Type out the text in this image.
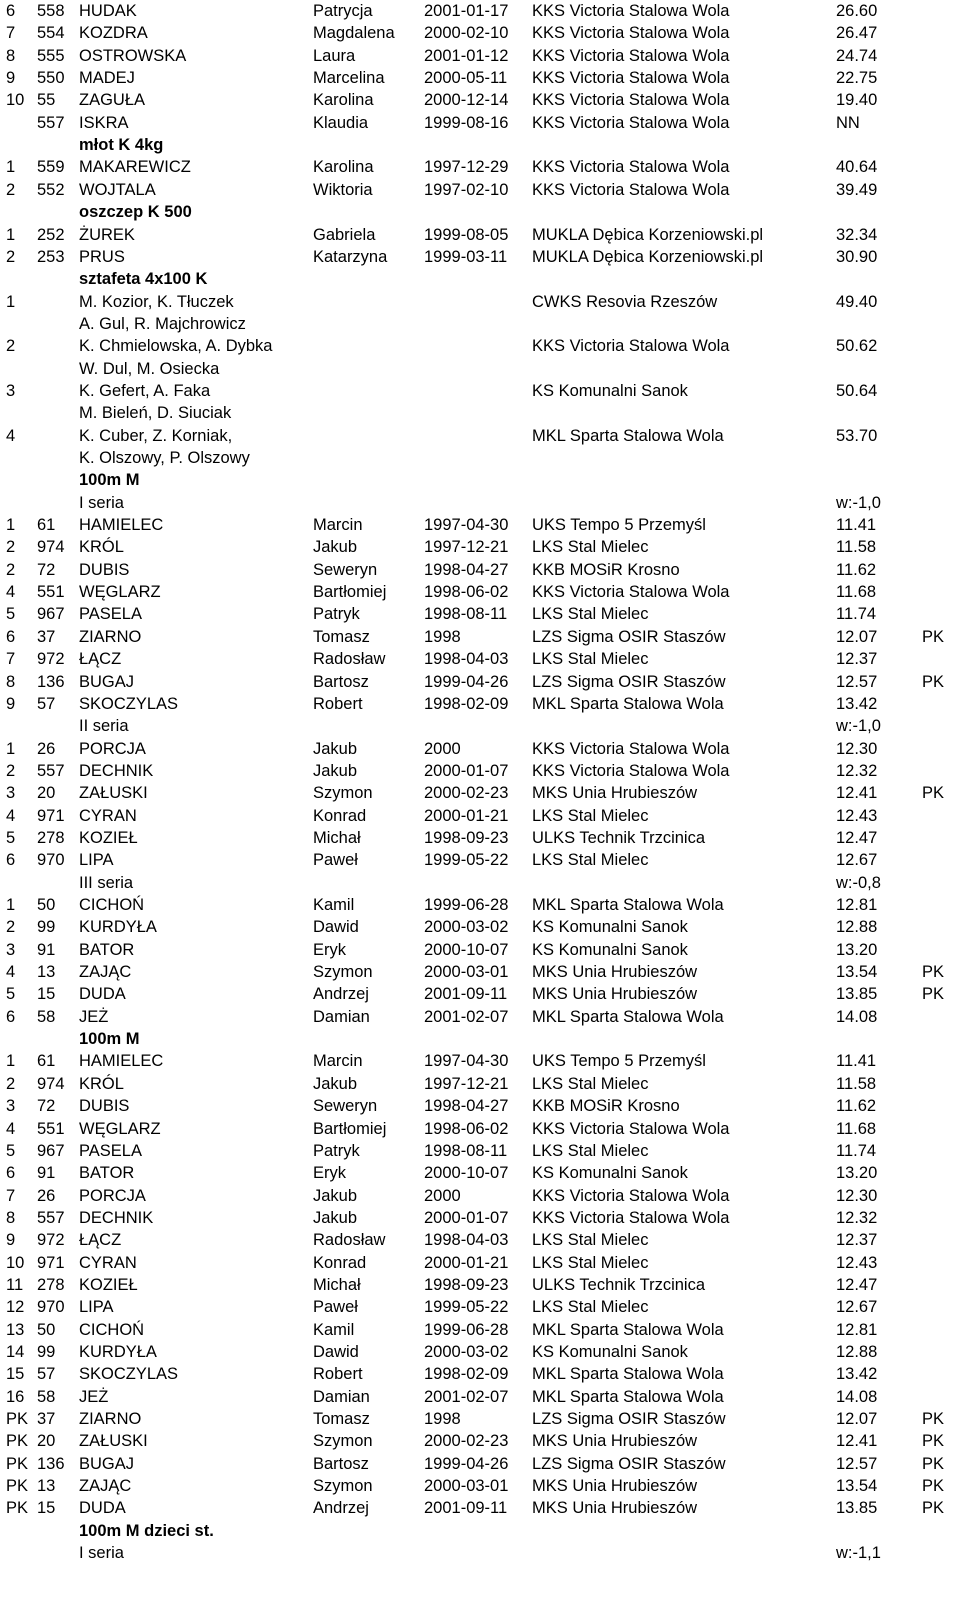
6 558 HUDAK	Patrycja	2001-01-17 KKS Victoria Stalowa Wola	26.60
7 554 KOZDRA	Magdalena 2000-02-10 KKS Victoria Stalowa Wola	26.47
8 555 OSTROWSKA	Laura	2001-01-12 KKS Victoria Stalowa Wola	24.74
9 550 MADEJ	Marcelina 2000-05-11 KKS Victoria Stalowa Wola	22.75
10 55 ZAGUŁA	Karolina	2000-12-14 KKS Victoria Stalowa Wola	19.40
557 ISKRA	Klaudia	1999-08-16 KKS Victoria Stalowa Wola	NN
młot K 4kg
1 559 MAKAREWICZ	Karolina	1997-12-29 KKS Victoria Stalowa Wola	40.64
2 552 WOJTALA	Wiktoria	1997-02-10 KKS Victoria Stalowa Wola	39.49
oszczep K 500
1 252 ŻUREK	Gabriela	1999-08-05 MUKLA Dębica Korzeniowski.pl	32.34
2 253 PRUS	Katarzyna 1999-03-11 MUKLA Dębica Korzeniowski.pl	30.90
sztafeta 4x100 K
1	M. Kozior, K. Tłuczek	CWKS Resovia Rzeszów	49.40
A. Gul, R. Majchrowicz
2	K. Chmielowska, A. Dybka	KKS Victoria Stalowa Wola	50.62
W. Dul, M. Osiecka
3	K. Gefert, A. Faka	KS Komunalni Sanok	50.64
M. Bieleń, D. Siuciak
4	K. Cuber, Z. Korniak,	MKL Sparta Stalowa Wola	53.70
K. Olszowy, P. Olszowy
100m M
I seria	w:-1,0
1 61 HAMIELEC	Marcin	1997-04-30 UKS Tempo 5 Przemyśl	11.41
2 974 KRÓL	Jakub	1997-12-21 LKS Stal Mielec	11.58
2 72 DUBIS	Seweryn	1998-04-27 KKB MOSiR Krosno	11.62
4 551 WĘGLARZ	Bartłomiej 1998-06-02 KKS Victoria Stalowa Wola	11.68
5 967 PASELA	Patryk	1998-08-11 LKS Stal Mielec	11.74
6 37 ZIARNO	Tomasz	1998	LZS Sigma OSIR Staszów	12.07	PK
7 972 ŁĄCZ	Radosław 1998-04-03 LKS Stal Mielec	12.37
8 136 BUGAJ	Bartosz	1999-04-26 LZS Sigma OSIR Staszów	12.57	PK
9 57 SKOCZYLAS	Robert	1998-02-09 MKL Sparta Stalowa Wola	13.42
II seria	w:-1,0
1 26 PORCJA	Jakub	2000	KKS Victoria Stalowa Wola	12.30
2 557 DECHNIK	Jakub	2000-01-07 KKS Victoria Stalowa Wola	12.32
3 20 ZAŁUSKI	Szymon	2000-02-23 MKS Unia Hrubieszów	12.41	PK
4 971 CYRAN	Konrad	2000-01-21 LKS Stal Mielec	12.43
5 278 KOZIEŁ	Michał	1998-09-23 ULKS Technik Trzcinica	12.47
6 970 LIPA	Paweł	1999-05-22 LKS Stal Mielec	12.67
III seria	w:-0,8
1 50 CICHOŃ	Kamil	1999-06-28 MKL Sparta Stalowa Wola	12.81
2 99 KURDYŁA	Dawid	2000-03-02 KS Komunalni Sanok	12.88
3 91 BATOR	Eryk	2000-10-07 KS Komunalni Sanok	13.20
4 13 ZAJĄC	Szymon	2000-03-01 MKS Unia Hrubieszów	13.54	PK
5 15 DUDA	Andrzej	2001-09-11 MKS Unia Hrubieszów	13.85	PK
6 58 JEŻ	Damian	2001-02-07 MKL Sparta Stalowa Wola	14.08
100m M
1 61 HAMIELEC	Marcin	1997-04-30 UKS Tempo 5 Przemyśl	11.41
2 974 KRÓL	Jakub	1997-12-21 LKS Stal Mielec	11.58
3 72 DUBIS	Seweryn	1998-04-27 KKB MOSiR Krosno	11.62
4 551 WĘGLARZ	Bartłomiej 1998-06-02 KKS Victoria Stalowa Wola	11.68
5 967 PASELA	Patryk	1998-08-11 LKS Stal Mielec	11.74
6 91 BATOR	Eryk	2000-10-07 KS Komunalni Sanok	13.20
7 26 PORCJA	Jakub	2000	KKS Victoria Stalowa Wola	12.30
8 557 DECHNIK	Jakub	2000-01-07 KKS Victoria Stalowa Wola	12.32
9 972 ŁĄCZ	Radosław 1998-04-03 LKS Stal Mielec	12.37
10 971 CYRAN	Konrad	2000-01-21 LKS Stal Mielec	12.43
11 278 KOZIEŁ	Michał	1998-09-23 ULKS Technik Trzcinica	12.47
12 970 LIPA	Paweł	1999-05-22 LKS Stal Mielec	12.67
13 50 CICHOŃ	Kamil	1999-06-28 MKL Sparta Stalowa Wola	12.81
14 99 KURDYŁA	Dawid	2000-03-02 KS Komunalni Sanok	12.88
15 57 SKOCZYLAS	Robert	1998-02-09 MKL Sparta Stalowa Wola	13.42
16 58 JEŻ	Damian	2001-02-07 MKL Sparta Stalowa Wola	14.08
PK 37 ZIARNO	Tomasz	1998	LZS Sigma OSIR Staszów	12.07	PK
PK 20 ZAŁUSKI	Szymon	2000-02-23 MKS Unia Hrubieszów	12.41	PK
PK 136 BUGAJ	Bartosz	1999-04-26 LZS Sigma OSIR Staszów	12.57	PK
PK 13 ZAJĄC	Szymon	2000-03-01 MKS Unia Hrubieszów	13.54	PK
PK 15 DUDA	Andrzej	2001-09-11 MKS Unia Hrubieszów	13.85	PK
100m M dzieci st.
I seria	w:-1,1
